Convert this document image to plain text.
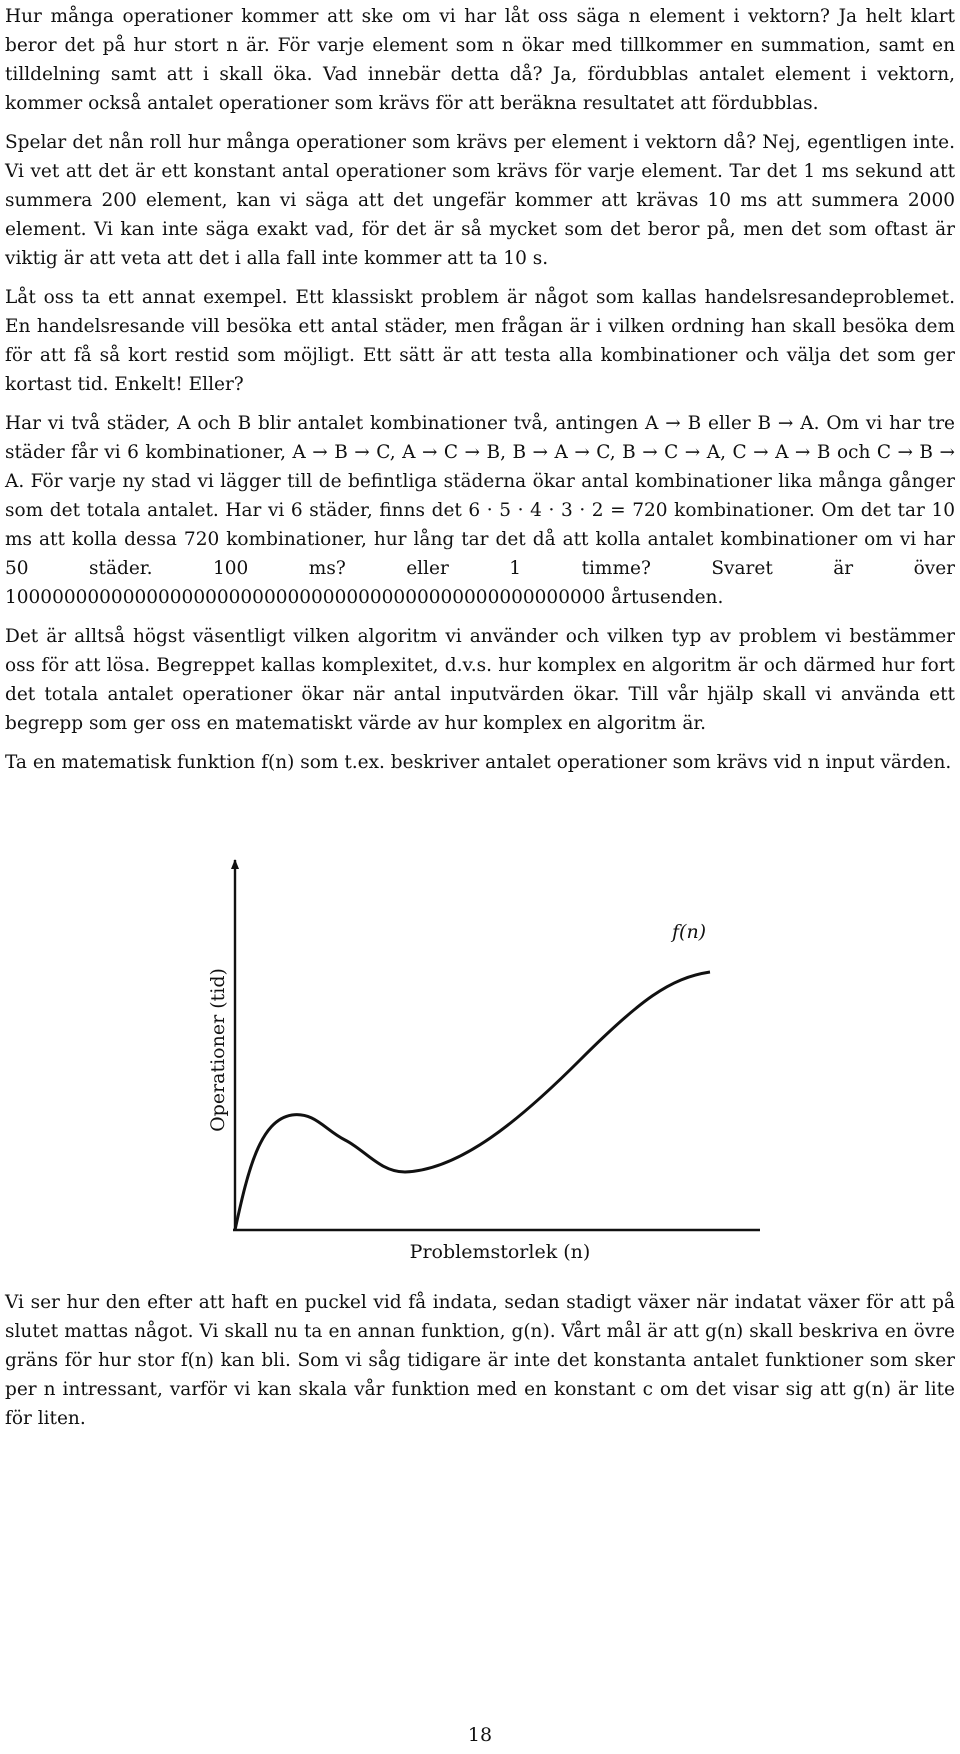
Hur många operationer kommer att ske om vi har låt oss säga n element i vektorn? Ja helt klart beror det på hur stort n är. För varje element som n ökar med tillkommer en summation, samt en tilldelning samt att i skall öka. Vad innebär detta då? Ja, fördubblas antalet element i vektorn, kommer också antalet operationer som krävs för att beräkna resultatet att fördubblas.

Spelar det nån roll hur många operationer som krävs per element i vektorn då? Nej, egentligen inte. Vi vet att det är ett konstant antal operationer som krävs för varje element. Tar det 1 ms sekund att summera 200 element, kan vi säga att det ungefär kommer att krävas 10 ms att summera 2000 element. Vi kan inte säga exakt vad, för det är så mycket som det beror på, men det som oftast är viktig är att veta att det i alla fall inte kommer att ta 10 s.

Låt oss ta ett annat exempel. Ett klassiskt problem är något som kallas handelsresandeproblemet. En handelsresande vill besöka ett antal städer, men frågan är i vilken ordning han skall besöka dem för att få så kort restid som möjligt. Ett sätt är att testa alla kombinationer och välja det som ger kortast tid. Enkelt! Eller?

Har vi två städer, A och B blir antalet kombinationer två, antingen A → B eller B → A. Om vi har tre städer får vi 6 kombinationer, A → B → C, A → C → B, B → A → C, B → C → A, C → A → B och C → B → A. För varje ny stad vi lägger till de befintliga städerna ökar antal kombinationer lika många gånger som det totala antalet. Har vi 6 städer, finns det 6 · 5 · 4 · 3 · 2 = 720 kombinationer. Om det tar 10 ms att kolla dessa 720 kombinationer, hur lång tar det då att kolla antalet kombinationer om vi har 50 städer. 100 ms? eller 1 timme? Svaret är över 100000000000000000000000000000000000000000000000000 årtusenden.

Det är alltså högst väsentligt vilken algoritm vi använder och vilken typ av problem vi bestämmer oss för att lösa. Begreppet kallas komplexitet, d.v.s. hur komplex en algoritm är och därmed hur fort det totala antalet operationer ökar när antal inputvärden ökar. Till vår hjälp skall vi använda ett begrepp som ger oss en matematiskt värde av hur komplex en algoritm är.

Ta en matematisk funktion f(n) som t.ex. beskriver antalet operationer som krävs vid n input värden.

Operationer (tid)
Problemstorlek (n)
f(n)

Vi ser hur den efter att haft en puckel vid få indata, sedan stadigt växer när indatat växer för att på slutet mattas något. Vi skall nu ta en annan funktion, g(n). Vårt mål är att g(n) skall beskriva en övre gräns för hur stor f(n) kan bli. Som vi såg tidigare är inte det konstanta antalet funktioner som sker per n intressant, varför vi kan skala vår funktion med en konstant c om det visar sig att g(n) är lite för liten.

18
